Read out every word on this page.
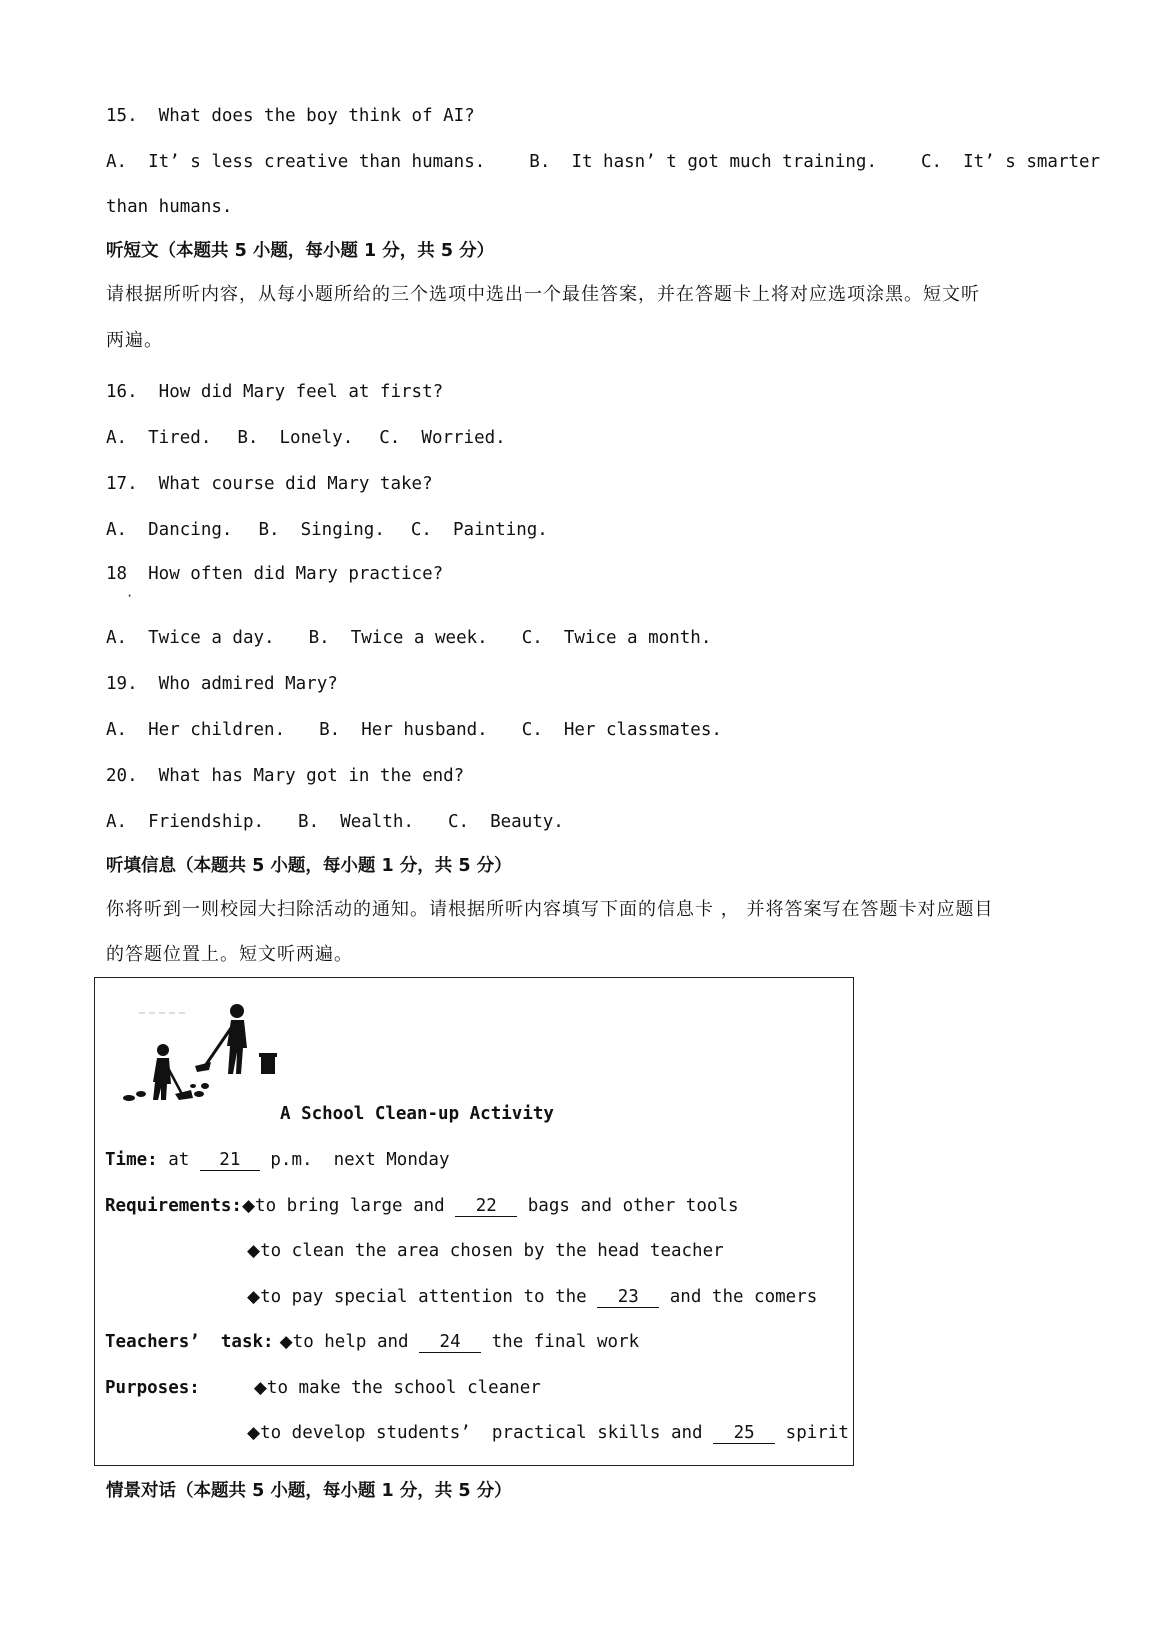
15.  What does the boy think of AI?
A.  It’ s less creative than humans.	B.  It hasn’ t got much training.	C.  It’ s smarter
than humans.
听短文（本题共 5 小题，每小题 1 分，共 5 分）
请根据所听内容，从每小题所给的三个选项中选出一个最佳答案，并在答题卡上将对应选项涂黑。短文听
两遍。
16.  How did Mary feel at first?
A.  Tired. B.  Lonely. C.  Worried.
17.  What course did Mary take?
A.  Dancing. B.  Singing. C.  Painting.
18  How often did Mary practice?
·
A.  Twice a day. B.  Twice a week. C.  Twice a month.
19.  Who admired Mary?
A.  Her children. B.  Her husband. C.  Her classmates.
20.  What has Mary got in the end?
A.  Friendship. B.  Wealth. C.  Beauty.
听填信息（本题共 5 小题，每小题 1 分，共 5 分）
你将听到一则校园大扫除活动的通知。请根据所听内容填写下面的信息卡 ， 并将答案写在答题卡对应题目
的答题位置上。短文听两遍。
A School Clean-up Activity
Time: at 21 p.m.  next Monday
Requirements:◆to bring large and 22 bags and other tools
◆to clean the area chosen by the head teacher
◆to pay special attention to the 23 and the comers
Teachers’  task: ◆to help and 24 the final work
Purposes:	◆to make the school cleaner
◆to develop students’  practical skills and 25 spirit
情景对话（本题共 5 小题，每小题 1 分，共 5 分）
